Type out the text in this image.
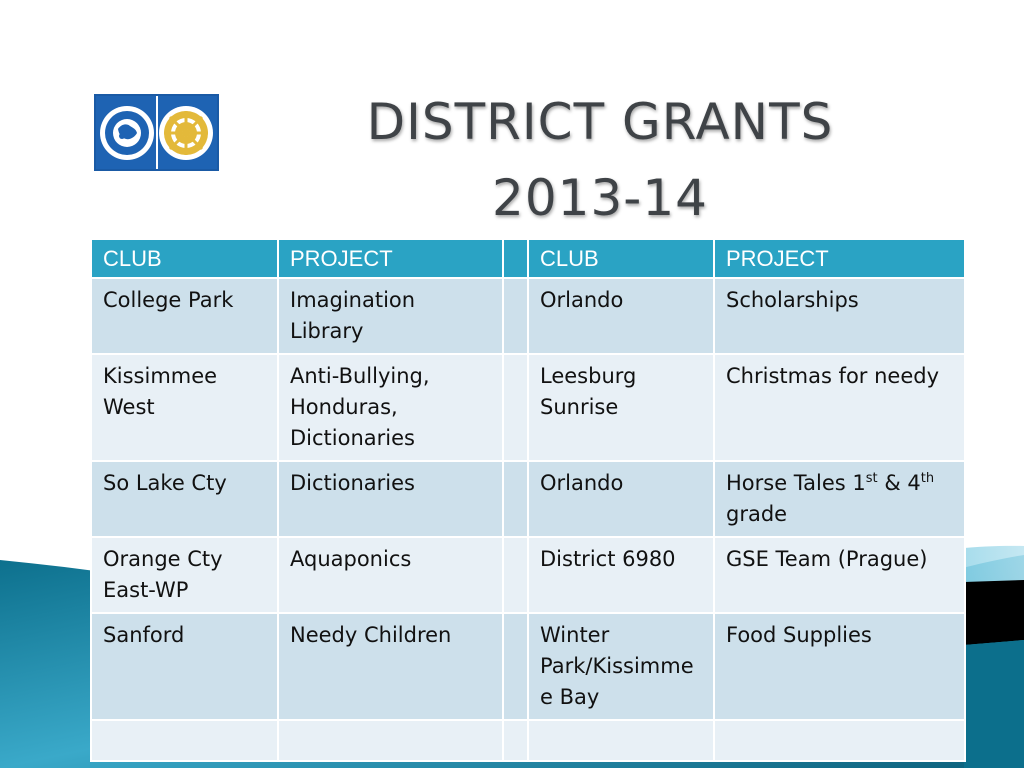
DISTRICT GRANTS
2013-14
CLUB	PROJECT		CLUB	PROJECT
College Park	Imagination Library		Orlando	Scholarships
Kissimmee West	Anti-Bullying, Honduras, Dictionaries		Leesburg Sunrise	Christmas for needy
So Lake Cty	Dictionaries		Orlando	Horse Tales 1st & 4th grade
Orange Cty East-WP	Aquaponics		District 6980	GSE Team (Prague)
Sanford	Needy Children		Winter Park/Kissimmee Bay	Food Supplies
